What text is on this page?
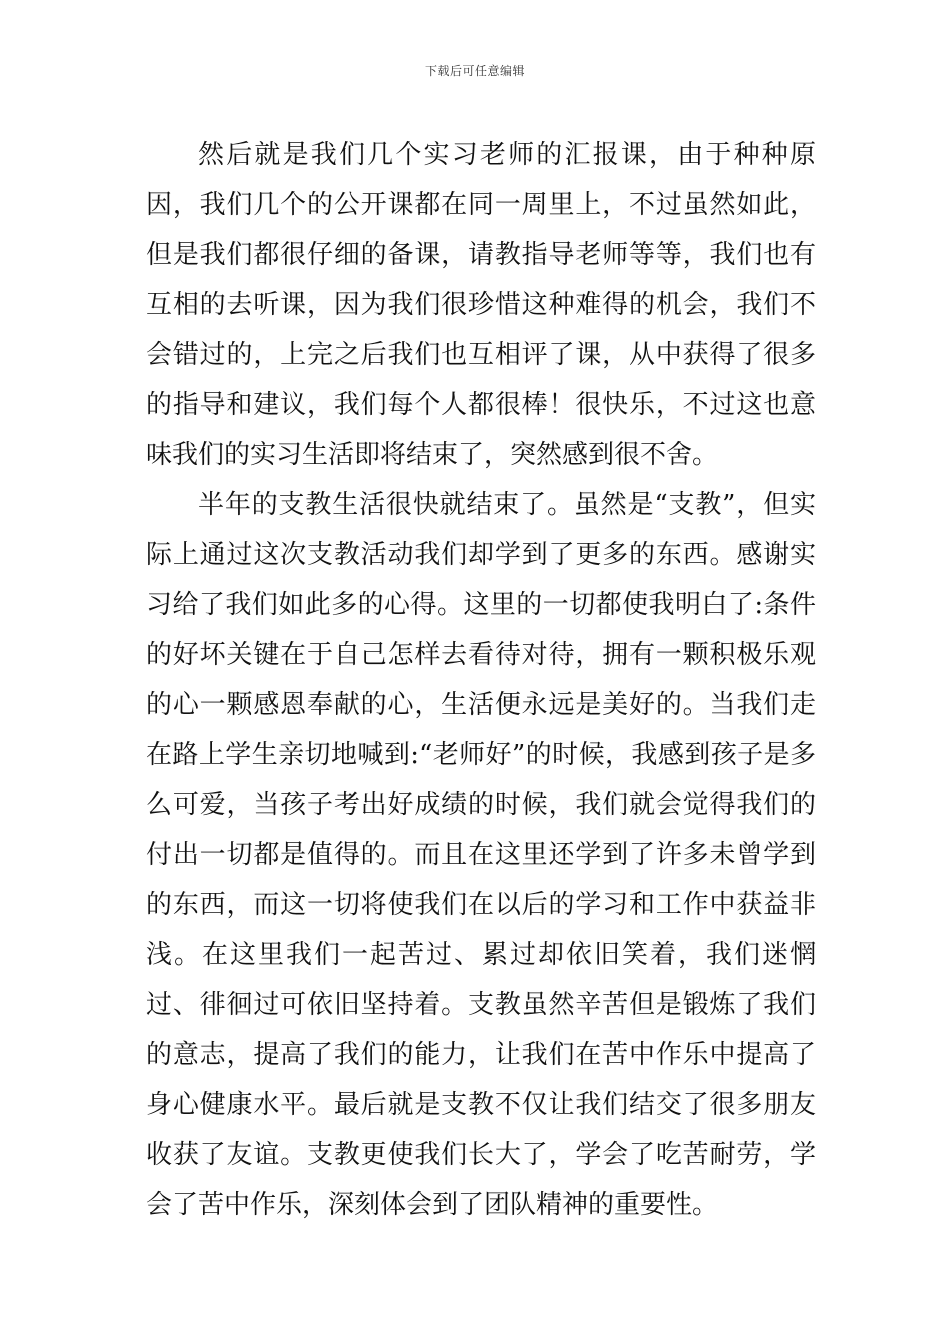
下载后可任意编辑

然后就是我们几个实习老师的汇报课，由于种种原因，我们几个的公开课都在同一周里上，不过虽然如此，但是我们都很仔细的备课，请教指导老师等等，我们也有互相的去听课，因为我们很珍惜这种难得的机会，我们不会错过的，上完之后我们也互相评了课，从中获得了很多的指导和建议，我们每个人都很棒！很快乐，不过这也意味我们的实习生活即将结束了，突然感到很不舍。

半年的支教生活很快就结束了。虽然是“支教”，但实际上通过这次支教活动我们却学到了更多的东西。感谢实习给了我们如此多的心得。这里的一切都使我明白了:条件的好坏关键在于自己怎样去看待对待，拥有一颗积极乐观的心一颗感恩奉献的心，生活便永远是美好的。当我们走在路上学生亲切地喊到:“老师好”的时候，我感到孩子是多么可爱，当孩子考出好成绩的时候，我们就会觉得我们的付出一切都是值得的。而且在这里还学到了许多未曾学到的东西，而这一切将使我们在以后的学习和工作中获益非浅。在这里我们一起苦过、累过却依旧笑着，我们迷惘过、徘徊过可依旧坚持着。支教虽然辛苦但是锻炼了我们的意志，提高了我们的能力，让我们在苦中作乐中提高了身心健康水平。最后就是支教不仅让我们结交了很多朋友收获了友谊。支教更使我们长大了，学会了吃苦耐劳，学会了苦中作乐，深刻体会到了团队精神的重要性。
